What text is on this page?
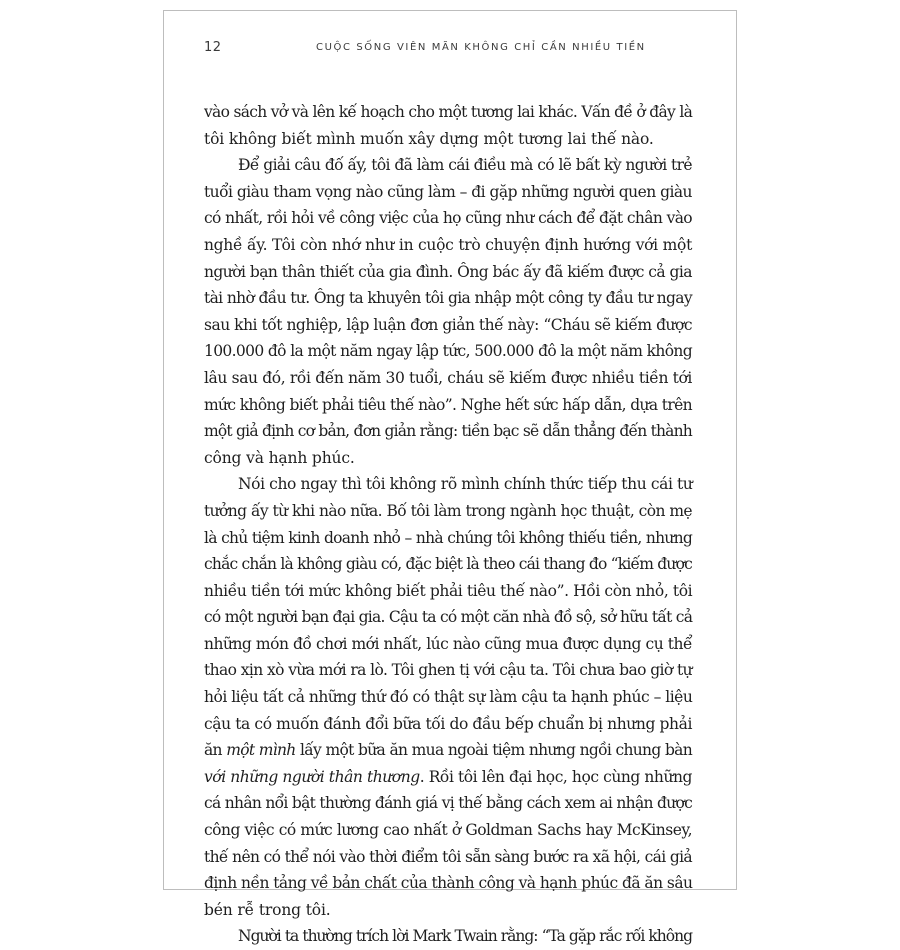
12	CUỘC SỐNG VIÊN MÃN KHÔNG CHỈ CẦN NHIỀU TIỀN
vào sách vở và lên kế hoạch cho một tương lai khác. Vấn đề ở đây là
tôi không biết mình muốn xây dựng một tương lai thế nào.
Để giải câu đố ấy, tôi đã làm cái điều mà có lẽ bất kỳ người trẻ
tuổi giàu tham vọng nào cũng làm – đi gặp những người quen giàu
có nhất, rồi hỏi về công việc của họ cũng như cách để đặt chân vào
nghề ấy. Tôi còn nhớ như in cuộc trò chuyện định hướng với một
người bạn thân thiết của gia đình. Ông bác ấy đã kiếm được cả gia
tài nhờ đầu tư. Ông ta khuyên tôi gia nhập một công ty đầu tư ngay
sau khi tốt nghiệp, lập luận đơn giản thế này: “Cháu sẽ kiếm được
100.000 đô la một năm ngay lập tức, 500.000 đô la một năm không
lâu sau đó, rồi đến năm 30 tuổi, cháu sẽ kiếm được nhiều tiền tới
mức không biết phải tiêu thế nào”. Nghe hết sức hấp dẫn, dựa trên
một giả định cơ bản, đơn giản rằng: tiền bạc sẽ dẫn thẳng đến thành
công và hạnh phúc.
Nói cho ngay thì tôi không rõ mình chính thức tiếp thu cái tư
tưởng ấy từ khi nào nữa. Bố tôi làm trong ngành học thuật, còn mẹ
là chủ tiệm kinh doanh nhỏ – nhà chúng tôi không thiếu tiền, nhưng
chắc chắn là không giàu có, đặc biệt là theo cái thang đo “kiếm được
nhiều tiền tới mức không biết phải tiêu thế nào”. Hồi còn nhỏ, tôi
có một người bạn đại gia. Cậu ta có một căn nhà đồ sộ, sở hữu tất cả
những món đồ chơi mới nhất, lúc nào cũng mua được dụng cụ thể
thao xịn xò vừa mới ra lò. Tôi ghen tị với cậu ta. Tôi chưa bao giờ tự
hỏi liệu tất cả những thứ đó có thật sự làm cậu ta hạnh phúc – liệu
cậu ta có muốn đánh đổi bữa tối do đầu bếp chuẩn bị nhưng phải
ăn một mình lấy một bữa ăn mua ngoài tiệm nhưng ngồi chung bàn
với những người thân thương. Rồi tôi lên đại học, học cùng những
cá nhân nổi bật thường đánh giá vị thế bằng cách xem ai nhận được
công việc có mức lương cao nhất ở Goldman Sachs hay McKinsey,
thế nên có thể nói vào thời điểm tôi sẵn sàng bước ra xã hội, cái giả
định nền tảng về bản chất của thành công và hạnh phúc đã ăn sâu
bén rễ trong tôi.
Người ta thường trích lời Mark Twain rằng: “Ta gặp rắc rối không
